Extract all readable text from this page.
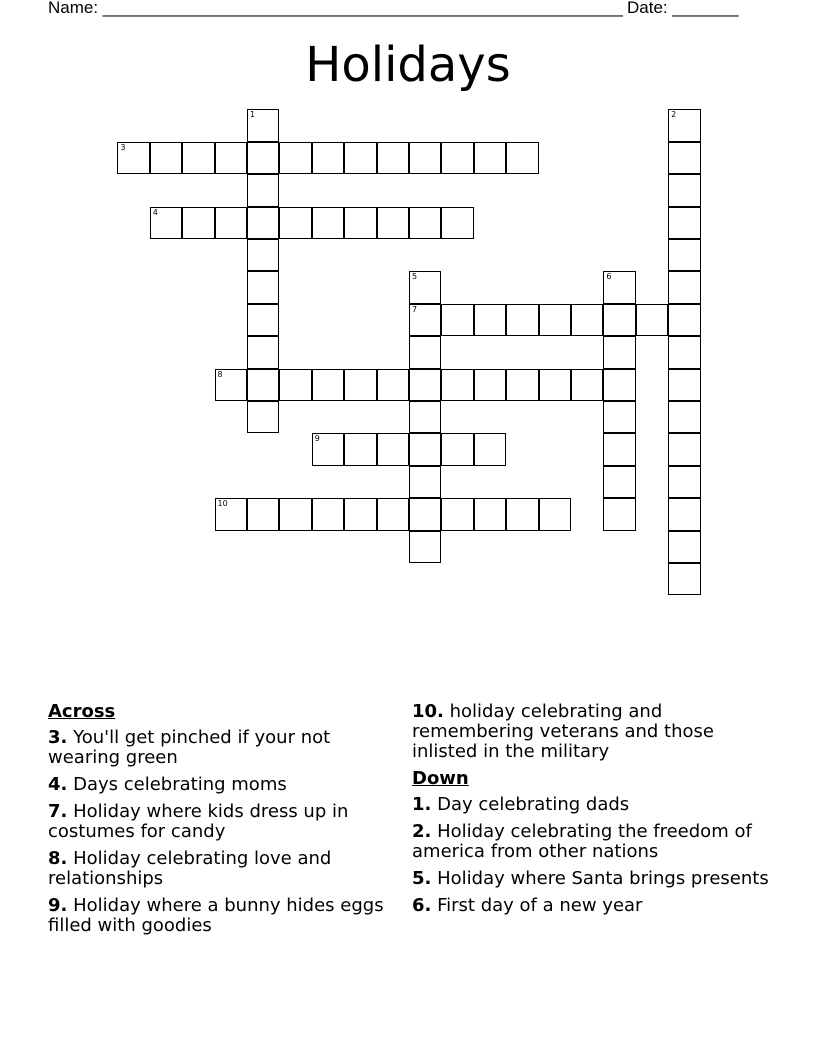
Name: _______________________________________________________ Date: _______
Holidays
1	2
3
4
5
7
6
8
9
10
Across
3. You'll get pinched if your not wearing green
4. Days celebrating moms
7. Holiday where kids dress up in costumes for candy
8. Holiday celebrating love and relationships
9. Holiday where a bunny hides eggs filled with goodies
10. holiday celebrating and remembering veterans and those inlisted in the military
Down
1. Day celebrating dads
2. Holiday celebrating the freedom of america from other nations
5. Holiday where Santa brings presents
6. First day of a new year
